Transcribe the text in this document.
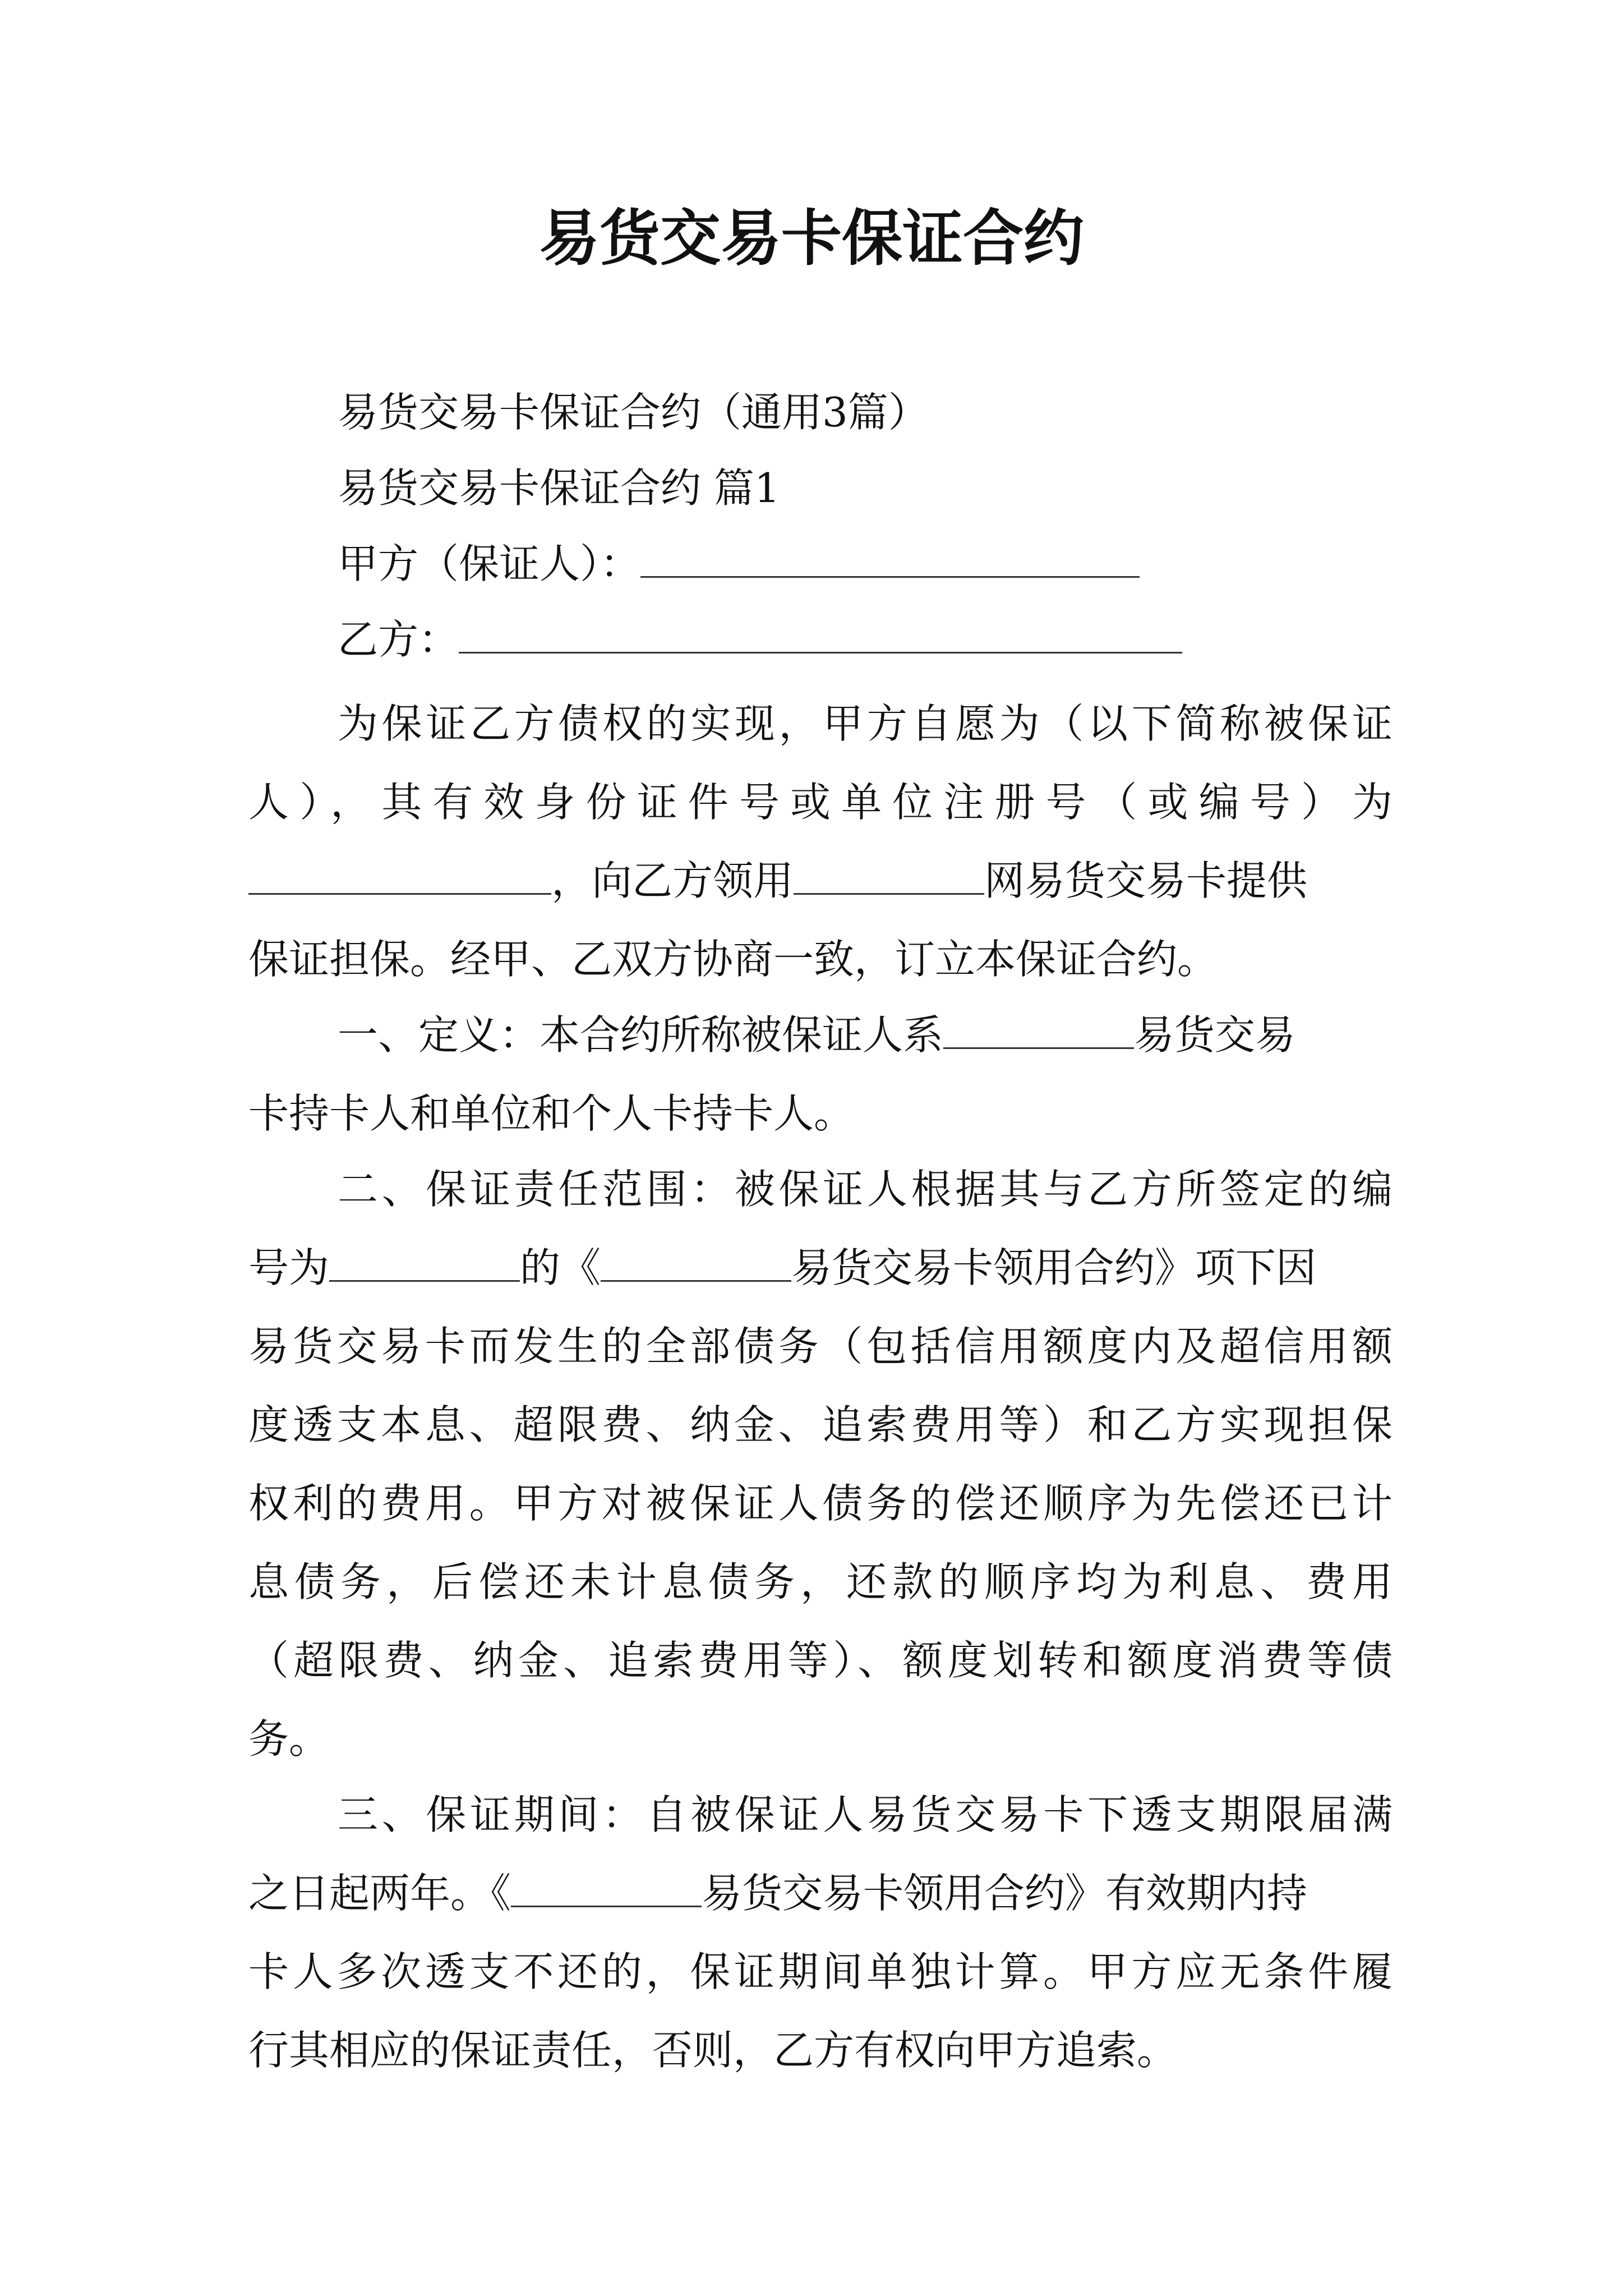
易货交易卡保证合约
易货交易卡保证合约（通用3篇）
易货交易卡保证合约 篇1
甲方（保证人）：
乙方：
为保证乙方债权的实现，甲方自愿为（以下简称被保证
人），其有效身份证件号或单位注册号（或编号）为
，向乙方领用	网易货交易卡提供
保证担保。经甲、乙双方协商一致，订立本保证合约。
一、定义：本合约所称被保证人系	易货交易
卡持卡人和单位和个人卡持卡人。
二、保证责任范围：被保证人根据其与乙方所签定的编
号为	的《	易货交易卡领用合约》项下因
易货交易卡而发生的全部债务（包括信用额度内及超信用额
度透支本息、超限费、纳金、追索费用等）和乙方实现担保
权利的费用。甲方对被保证人债务的偿还顺序为先偿还已计
息债务，后偿还未计息债务，还款的顺序均为利息、费用
（超限费、纳金、追索费用等）、额度划转和额度消费等债
务。
三、保证期间：自被保证人易货交易卡下透支期限届满
之日起两年。《	易货交易卡领用合约》有效期内持
卡人多次透支不还的，保证期间单独计算。甲方应无条件履
行其相应的保证责任，否则，乙方有权向甲方追索。
